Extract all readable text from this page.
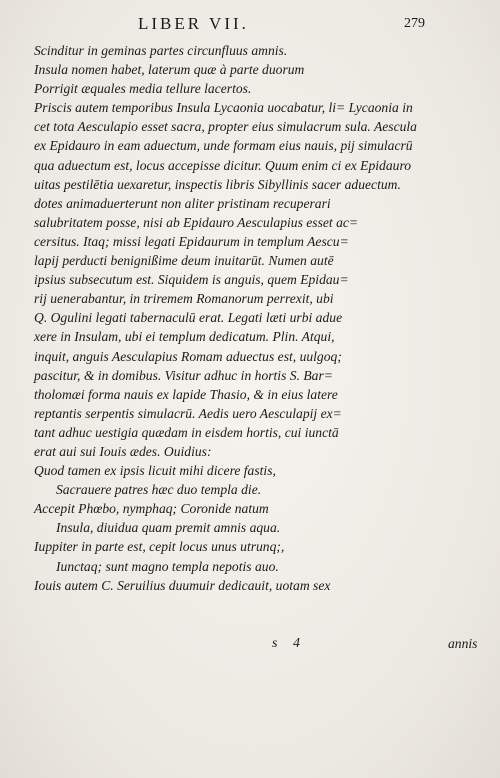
LIBER VII.	279
Scinditur in geminas partes circunfluus amnis.
Insula nomen habet, laterum quæ à parte duorum
Porrigit æquales media tellure lacertos.
Priscis autem temporibus Insula Lycaonia uocabatur, li= Lycaonia in
cet tota Aesculapio esset sacra, propter eius simulacrum sula. Aescula
ex Epidauro in eam aduectum, unde formam eius nauis, pij simulacrū
qua aduectum est, locus accepisse dicitur. Quum enim ci ex Epidauro
uitas pestilētia uexaretur, inspectis libris Sibyllinis sacer aduectum.
dotes animaduerterunt non aliter pristinam recuperari
salubritatem posse, nisi ab Epidauro Aesculapius esset ac=
cersitus. Itaq; missi legati Epidaurum in templum Aescu=
lapij perducti benignißime deum inuitarūt. Numen autē
ipsius subsecutum est. Siquidem is anguis, quem Epidau=
rij uenerabantur, in triremem Romanorum perrexit, ubi
Q. Ogulini legati tabernaculū erat. Legati læti urbi adue
xere in Insulam, ubi ei templum dedicatum. Plin. Atqui,
inquit, anguis Aesculapius Romam aduectus est, uulgoq;
pascitur, & in domibus. Visitur adhuc in hortis S. Bar=
tholomæi forma nauis ex lapide Thasio, & in eius latere
reptantis serpentis simulacrū. Aedis uero Aesculapij ex=
tant adhuc uestigia quædam in eisdem hortis, cui iunctā
erat aui sui Iouis ædes. Ouidius:
Quod tamen ex ipsis licuit mihi dicere fastis,
Sacrauere patres hæc duo templa die.
Accepit Phœbo, nymphaq; Coronide natum
Insula, diuidua quam premit amnis aqua.
Iuppiter in parte est, cepit locus unus utrunq;,
Iunctaq; sunt magno templa nepotis auo.
Iouis autem C. Seruilius duumuir dedicauit, uotam sex
s 4	annis
